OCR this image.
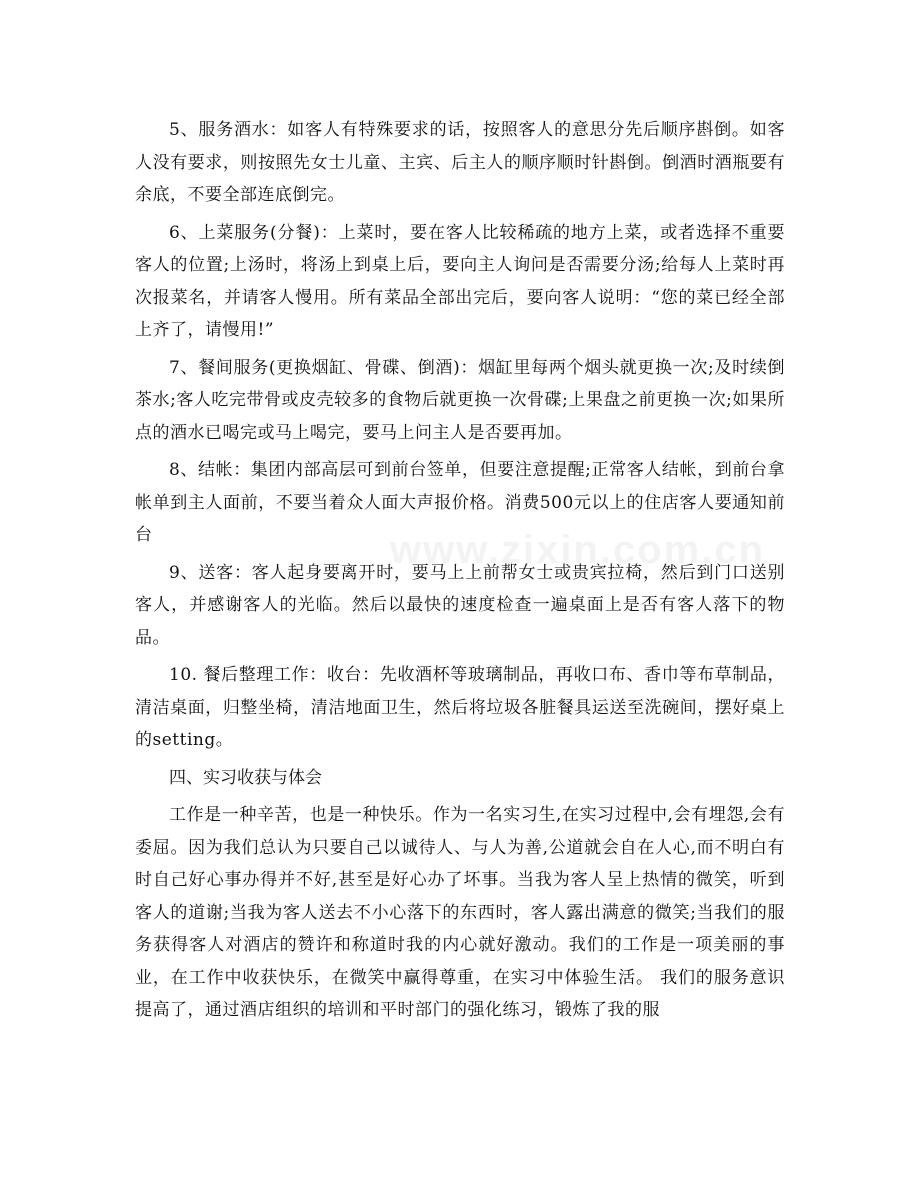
5、服务酒水：如客人有特殊要求的话，按照客人的意思分先后顺序斟倒。如客人没有要求，则按照先女士儿童、主宾、后主人的顺序顺时针斟倒。倒酒时酒瓶要有余底，不要全部连底倒完。

6、上菜服务(分餐)：上菜时，要在客人比较稀疏的地方上菜，或者选择不重要客人的位置;上汤时，将汤上到桌上后，要向主人询问是否需要分汤;给每人上菜时再次报菜名，并请客人慢用。所有菜品全部出完后，要向客人说明：“您的菜已经全部上齐了，请慢用!”

7、餐间服务(更换烟缸、骨碟、倒酒)：烟缸里每两个烟头就更换一次;及时续倒茶水;客人吃完带骨或皮壳较多的食物后就更换一次骨碟;上果盘之前更换一次;如果所点的酒水已喝完或马上喝完，要马上问主人是否要再加。

8、结帐：集团内部高层可到前台签单，但要注意提醒;正常客人结帐，到前台拿帐单到主人面前，不要当着众人面大声报价格。消费500元以上的住店客人要通知前台

9、送客：客人起身要离开时，要马上上前帮女士或贵宾拉椅，然后到门口送别客人，并感谢客人的光临。然后以最快的速度检查一遍桌面上是否有客人落下的物品。

10. 餐后整理工作：收台：先收酒杯等玻璃制品，再收口布、香巾等布草制品，清洁桌面，归整坐椅，清洁地面卫生，然后将垃圾各脏餐具运送至洗碗间，摆好桌上的setting。

四、实习收获与体会

工作是一种辛苦，也是一种快乐。作为一名实习生,在实习过程中,会有埋怨,会有委屈。因为我们总认为只要自己以诚待人、与人为善,公道就会自在人心,而不明白有时自己好心事办得并不好,甚至是好心办了坏事。当我为客人呈上热情的微笑，听到客人的道谢;当我为客人送去不小心落下的东西时，客人露出满意的微笑;当我们的服务获得客人对酒店的赞许和称道时我的内心就好激动。我们的工作是一项美丽的事业，在工作中收获快乐，在微笑中赢得尊重，在实习中体验生活。 我们的服务意识提高了，通过酒店组织的培训和平时部门的强化练习，锻炼了我的服

www.zixin.com.cn
